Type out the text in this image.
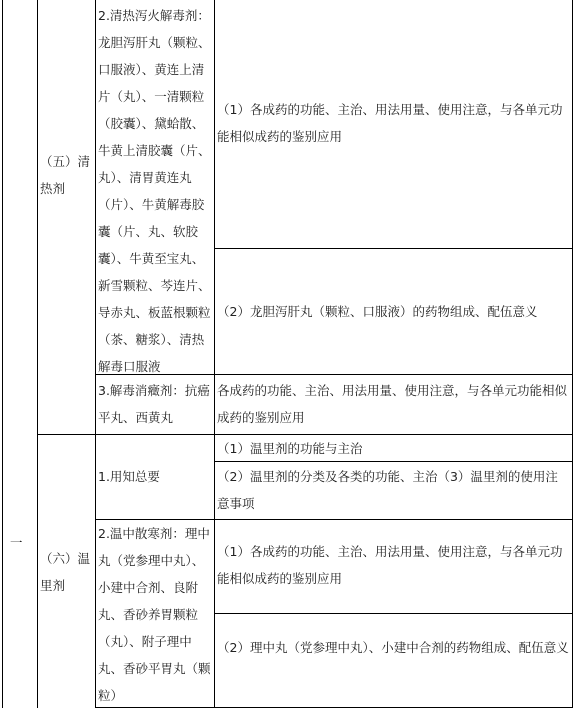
一
（五）清热剂
2.清热泻火解毒剂：龙胆泻肝丸（颗粒、口服液）、黄连上清片（丸）、一清颗粒（胶囊）、黛蛤散、牛黄上清胶囊（片、丸）、清胃黄连丸（片）、牛黄解毒胶囊（片、丸、软胶囊）、牛黄至宝丸、新雪颗粒、芩连片、导赤丸、板蓝根颗粒（茶、糖浆）、清热解毒口服液
（1）各成药的功能、主治、用法用量、使用注意，与各单元功能相似成药的鉴别应用
（2）龙胆泻肝丸（颗粒、口服液）的药物组成、配伍意义
3.解毒消癥剂：抗癌平丸、西黄丸
各成药的功能、主治、用法用量、使用注意，与各单元功能相似成药的鉴别应用
（六）温里剂
1.用知总要
（1）温里剂的功能与主治
（2）温里剂的分类及各类的功能、主治（3）温里剂的使用注意事项
2.温中散寒剂：理中丸（党参理中丸）、小建中合剂、良附丸、香砂养胃颗粒（丸）、附子理中丸、香砂平胃丸（颗粒）
（1）各成药的功能、主治、用法用量、使用注意，与各单元功能相似成药的鉴别应用
（2）理中丸（党参理中丸）、小建中合剂的药物组成、配伍意义
